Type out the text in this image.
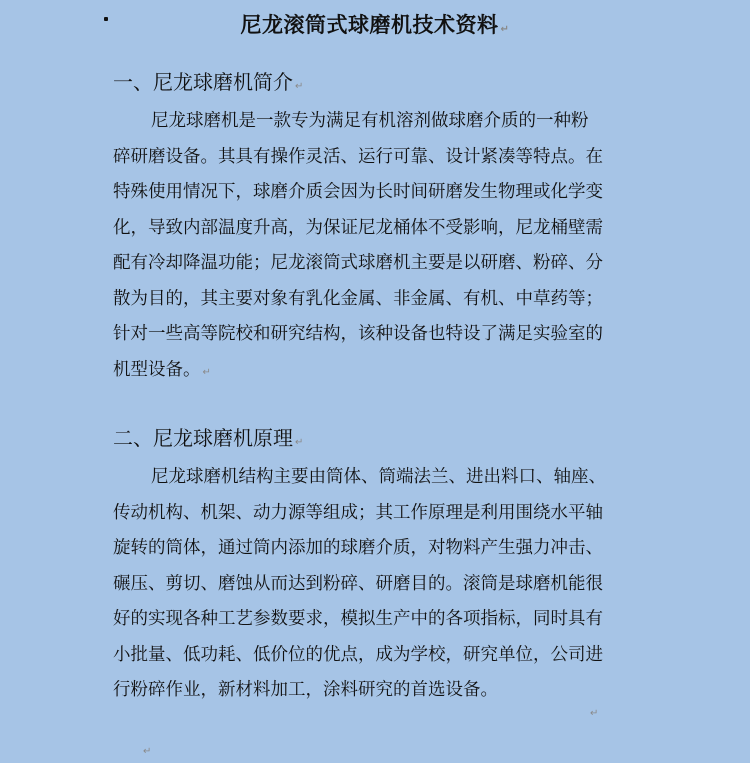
尼龙滚筒式球磨机技术资料 ↵
一、尼龙球磨机简介 ↵

尼龙球磨机是一款专为满足有机溶剂做球磨介质的一种粉
碎研磨设备。其具有操作灵活、运行可靠、设计紧凑等特点。在
特殊使用情况下，球磨介质会因为长时间研磨发生物理或化学变
化，导致内部温度升高，为保证尼龙桶体不受影响，尼龙桶壁需
配有冷却降温功能；尼龙滚筒式球磨机主要是以研磨、粉碎、分
散为目的，其主要对象有乳化金属、非金属、有机、中草药等；
针对一些高等院校和研究结构，该种设备也特设了满足实验室的
机型设备。 ↵

二、尼龙球磨机原理 ↵

尼龙球磨机结构主要由筒体、筒端法兰、进出料口、轴座、
传动机构、机架、动力源等组成；其工作原理是利用围绕水平轴
旋转的筒体，通过筒内添加的球磨介质，对物料产生强力冲击、
碾压、剪切、磨蚀从而达到粉碎、研磨目的。滚筒是球磨机能很
好的实现各种工艺参数要求，模拟生产中的各项指标，同时具有
小批量、低功耗、低价位的优点，成为学校，研究单位，公司进
行粉碎作业，新材料加工，涂料研究的首选设备。

↵
↵
